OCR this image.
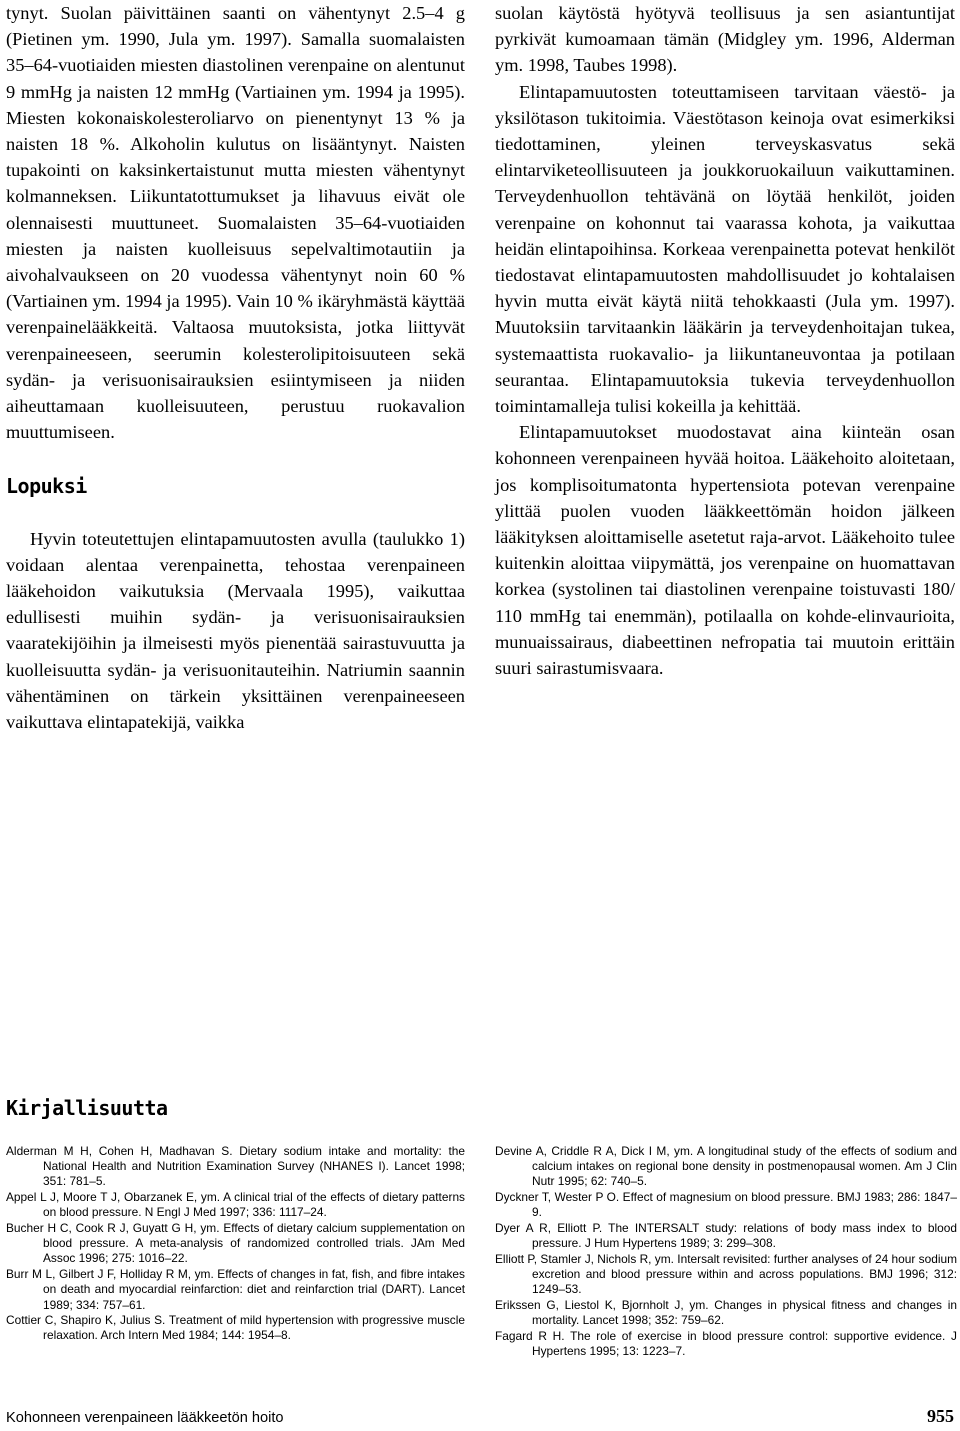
tynyt. Suolan päivittäinen saanti on vähentynyt 2.5–4 g (Pietinen ym. 1990, Jula ym. 1997). Samalla suomalaisten 35–64-vuotiaiden miesten diastolinen verenpaine on alentunut 9 mmHg ja naisten 12 mmHg (Vartiainen ym. 1994 ja 1995). Miesten kokonaiskolesteroliarvo on pienentynyt 13 % ja naisten 18 %. Alkoholin kulutus on lisääntynyt. Naisten tupakointi on kaksinkertaistunut mutta miesten vähentynyt kolmanneksen. Liikuntatottumukset ja lihavuus eivät ole olennaisesti muuttuneet. Suomalaisten 35–64-vuotiaiden miesten ja naisten kuolleisuus sepelvaltimotautiin ja aivohalvaukseen on 20 vuodessa vähentynyt noin 60 % (Vartiainen ym. 1994 ja 1995). Vain 10 % ikäryhmästä käyttää verenpainelääkkeitä. Valtaosa muutoksista, jotka liittyvät verenpaineeseen, seerumin kolesterolipitoisuuteen sekä sydän- ja verisuonisairauksien esiintymiseen ja niiden aiheuttamaan kuolleisuuteen, perustuu ruokavalion muuttumiseen.

Lopuksi

Hyvin toteutettujen elintapamuutosten avulla (taulukko 1) voidaan alentaa verenpainetta, tehostaa verenpaineen lääkehoidon vaikutuksia (Mervaala 1995), vaikuttaa edullisesti muihin sydän- ja verisuonisairauksien vaaratekijöihin ja ilmeisesti myös pienentää sairastuvuutta ja kuolleisuutta sydän- ja verisuonitauteihin. Natriumin saannin vähentäminen on tärkein yksittäinen verenpaineeseen vaikuttava elintapatekijä, vaikka

suolan käytöstä hyötyvä teollisuus ja sen asiantuntijat pyrkivät kumoamaan tämän (Midgley ym. 1996, Alderman ym. 1998, Taubes 1998).

Elintapamuutosten toteuttamiseen tarvitaan väestö- ja yksilötason tukitoimia. Väestötason keinoja ovat esimerkiksi tiedottaminen, yleinen terveyskasvatus sekä elintarviketeollisuuteen ja joukkoruokailuun vaikuttaminen. Terveydenhuollon tehtävänä on löytää henkilöt, joiden verenpaine on kohonnut tai vaarassa kohota, ja vaikuttaa heidän elintapoihinsa. Korkeaa verenpainetta potevat henkilöt tiedostavat elintapamuutosten mahdollisuudet jo kohtalaisen hyvin mutta eivät käytä niitä tehokkaasti (Jula ym. 1997). Muutoksiin tarvitaankin lääkärin ja terveydenhoitajan tukea, systemaattista ruokavalio- ja liikuntaneuvontaa ja potilaan seurantaa. Elintapamuutoksia tukevia terveydenhuollon toimintamalleja tulisi kokeilla ja kehittää.

Elintapamuutokset muodostavat aina kiinteän osan kohonneen verenpaineen hyvää hoitoa. Lääkehoito aloitetaan, jos komplisoitumatonta hypertensiota potevan verenpaine ylittää puolen vuoden lääkkeettömän hoidon jälkeen lääkityksen aloittamiselle asetetut raja-arvot. Lääkehoito tulee kuitenkin aloittaa viipymättä, jos verenpaine on huomattavan korkea (systolinen tai diastolinen verenpaine toistuvasti 180/ 110 mmHg tai enemmän), potilaalla on kohde-elinvaurioita, munuaissairaus, diabeettinen nefropatia tai muutoin erittäin suuri sairastumisvaara.

Kirjallisuutta

Alderman M H, Cohen H, Madhavan S. Dietary sodium intake and mortality: the National Health and Nutrition Examination Survey (NHANES I). Lancet 1998; 351: 781–5.

Appel L J, Moore T J, Obarzanek E, ym. A clinical trial of the effects of dietary patterns on blood pressure. N Engl J Med 1997; 336: 1117–24.

Bucher H C, Cook R J, Guyatt G H, ym. Effects of dietary calcium supplementation on blood pressure. A meta-analysis of randomized controlled trials. JAm Med Assoc 1996; 275: 1016–22.

Burr M L, Gilbert J F, Holliday R M, ym. Effects of changes in fat, fish, and fibre intakes on death and myocardial reinfarction: diet and reinfarction trial (DART). Lancet 1989; 334: 757–61.

Cottier C, Shapiro K, Julius S. Treatment of mild hypertension with progressive muscle relaxation. Arch Intern Med 1984; 144: 1954–8.

Devine A, Criddle R A, Dick I M, ym. A longitudinal study of the effects of sodium and calcium intakes on regional bone density in postmenopausal women. Am J Clin Nutr 1995; 62: 740–5.

Dyckner T, Wester P O. Effect of magnesium on blood pressure. BMJ 1983; 286: 1847–9.

Dyer A R, Elliott P. The INTERSALT study: relations of body mass index to blood pressure. J Hum Hypertens 1989; 3: 299–308.

Elliott P, Stamler J, Nichols R, ym. Intersalt revisited: further analyses of 24 hour sodium excretion and blood pressure within and across populations. BMJ 1996; 312: 1249–53.

Erikssen G, Liestol K, Bjornholt J, ym. Changes in physical fitness and changes in mortality. Lancet 1998; 352: 759–62.

Fagard R H. The role of exercise in blood pressure control: supportive evidence. J Hypertens 1995; 13: 1223–7.

Kohonneen verenpaineen lääkkeetön hoito	955
